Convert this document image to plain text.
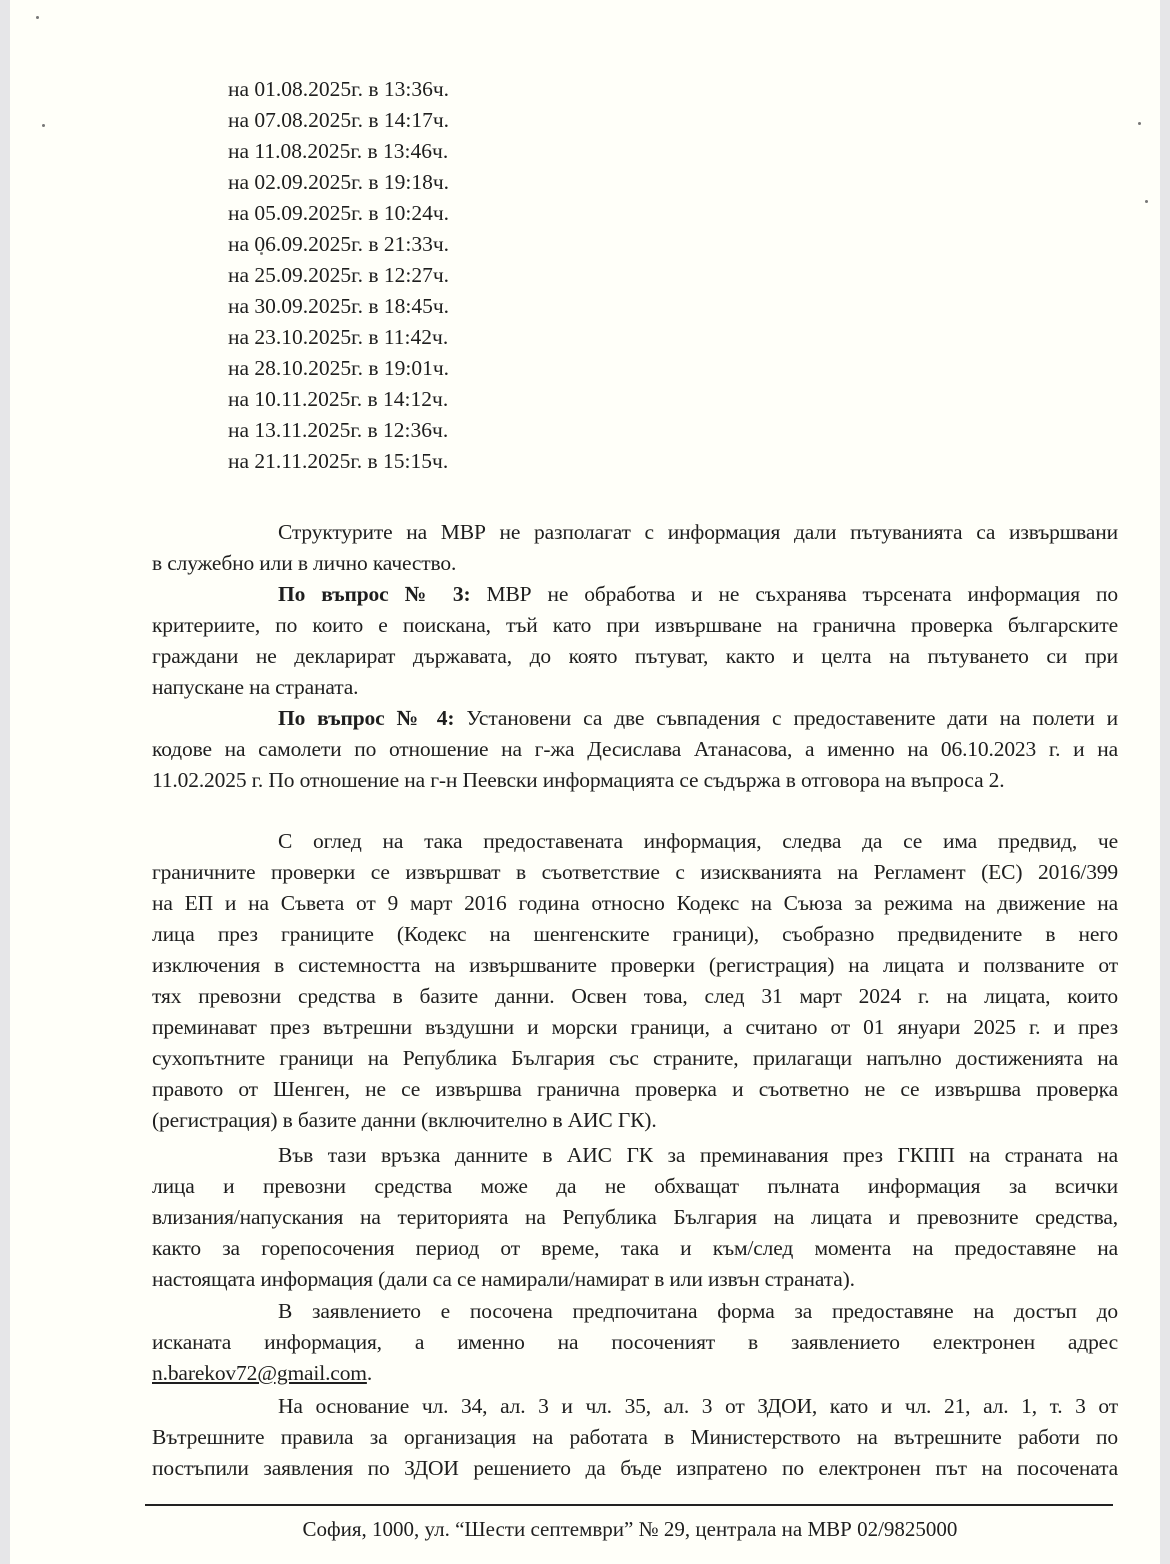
на 01.08.2025г. в 13:36ч.
на 07.08.2025г. в 14:17ч.
на 11.08.2025г. в 13:46ч.
на 02.09.2025г. в 19:18ч.
на 05.09.2025г. в 10:24ч.
на 06.09.2025г. в 21:33ч.
на 25.09.2025г. в 12:27ч.
на 30.09.2025г. в 18:45ч.
на 23.10.2025г. в 11:42ч.
на 28.10.2025г. в 19:01ч.
на 10.11.2025г. в 14:12ч.
на 13.11.2025г. в 12:36ч.
на 21.11.2025г. в 15:15ч.
Структурите на МВР не разполагат с информация дали пътуванията са извършвани
в служебно или в лично качество.
По въпрос № 3: МВР не обработва и не съхранява търсената информация по
критериите, по които е поискана, тъй като при извършване на гранична проверка българските
граждани не декларират държавата, до която пътуват, както и целта на пътуването си при
напускане на страната.
По въпрос № 4: Установени са две съвпадения с предоставените дати на полети и
кодове на самолети по отношение на г-жа Десислава Атанасова, а именно на 06.10.2023 г. и на
11.02.2025 г. По отношение на г-н Пеевски информацията се съдържа в отговора на въпроса 2.
С оглед на така предоставената информация, следва да се има предвид, че
граничните проверки се извършват в съответствие с изискванията на Регламент (ЕС) 2016/399
на ЕП и на Съвета от 9 март 2016 година относно Кодекс на Съюза за режима на движение на
лица през границите (Кодекс на шенгенските граници), съобразно предвидените в него
изключения в системността на извършваните проверки (регистрация) на лицата и ползваните от
тях превозни средства в базите данни. Освен това, след 31 март 2024 г. на лицата, които
преминават през вътрешни въздушни и морски граници, а считано от 01 януари 2025 г. и през
сухопътните граници на Република България със страните, прилагащи напълно достиженията на
правото от Шенген, не се извършва гранична проверка и съответно не се извършва проверка
(регистрация) в базите данни (включително в АИС ГК).
Във тази връзка данните в АИС ГК за преминавания през ГКПП на страната на
лица и превозни средства може да не обхващат пълната информация за всички
влизания/напускания на територията на Република България на лицата и превозните средства,
както за горепосочения период от време, така и към/след момента на предоставяне на
настоящата информация (дали са се намирали/намират в или извън страната).
В заявлението е посочена предпочитана форма за предоставяне на достъп до
исканата информация, а именно на посоченият в заявлението електронен адрес
n.barekov72@gmail.com.
На основание чл. 34, ал. 3 и чл. 35, ал. 3 от ЗДОИ, като и чл. 21, ал. 1, т. 3 от
Вътрешните правила за организация на работата в Министерството на вътрешните работи по
постъпили заявления по ЗДОИ решението да бъде изпратено по електронен път на посочената
София, 1000, ул. “Шести септември” № 29, централа на МВР 02/9825000
